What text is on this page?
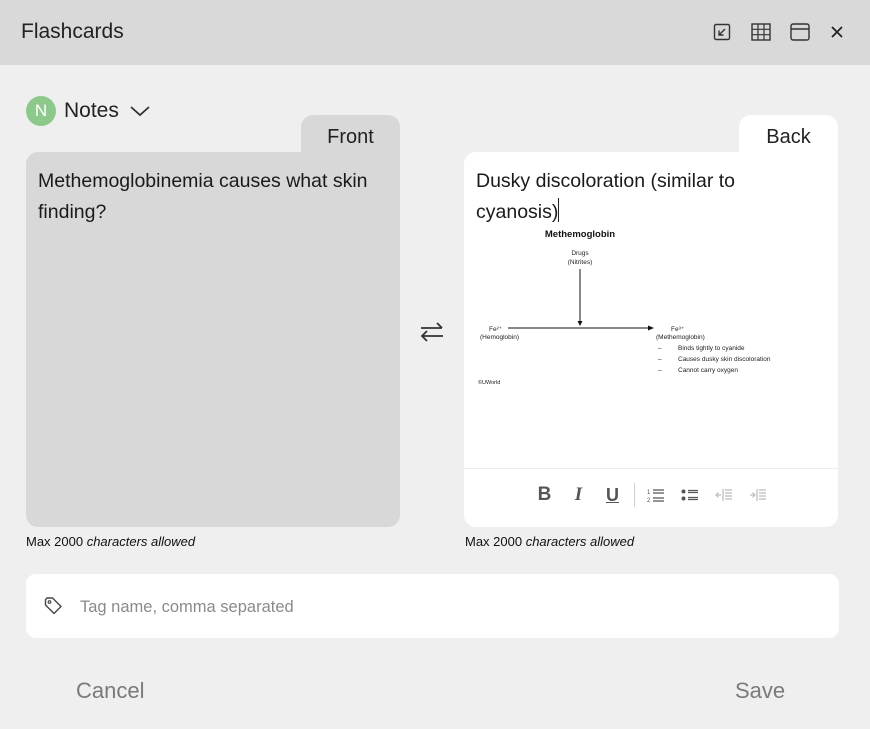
Flashcards
N Notes
Front	Back
Methemoglobinemia causes what skin finding?
Dusky discoloration (similar to cyanosis)
Methemoglobin
Drugs
(Nitrites)
Fe²⁺
(Hemoglobin)
Fe³⁺
(Methemoglobin)
–	Binds tightly to cyanide
–	Causes dusky skin discoloration
–	Cannot carry oxygen
©UWorld
B	I	U	1
2
Max 2000 characters allowed	Max 2000 characters allowed
Tag name, comma separated
Cancel	Save
